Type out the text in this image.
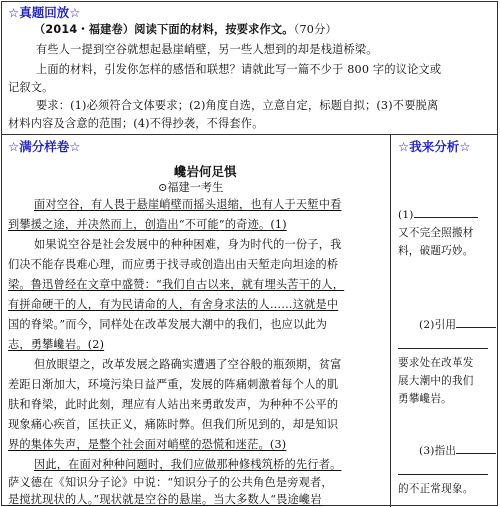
☆真题回放☆
（2014・福建卷）阅读下面的材料，按要求作文。（70分）
有些人一提到空谷就想起悬崖峭壁，另一些人想到的却是栈道桥梁。
上面的材料，引发你怎样的感悟和联想？请就此写一篇不少于 800 字的议论文或
记叙文。
要求：(1)必须符合文体要求；(2)角度自选，立意自定，标题自拟；(3)不要脱离
材料内容及含意的范围；(4)不得抄袭，不得套作。
☆满分样卷☆
巉岩何足惧
⊙福建一考生
面对空谷，有人畏于悬崖峭壁而摇头退缩，也有人于天堑中看
到攀援之途，并决然而上，创造出“不可能”的奇迹。(1)
如果说空谷是社会发展中的种种困难，身为时代的一份子，我
们决不能存畏难心理，而应勇于找寻或创造出由天堑走向坦途的桥
梁。鲁迅曾经在文章中盛赞：“我们自古以来，就有埋头苦干的人，
有拼命硬干的人，有为民请命的人，有舍身求法的人……这就是中
国的脊梁。”而今，同样处在改革发展大潮中的我们，也应以此为
志，勇攀巉岩。(2)
但放眼望之，改革发展之路确实遭遇了空谷般的瓶颈期，贫富
差距日渐加大，环境污染日益严重，发展的阵痛刺激着每个人的肌
肤和脊梁，此时此刻，理应有人站出来勇敢发声，为种种不公平的
现象痛心疾首，匡扶正义，痛陈时弊。但我们所见到的，却是知识
界的集体失声，是整个社会面对峭壁的恐慌和迷茫。(3)
因此，在面对种种问题时，我们应做那种修桟筑桥的先行者。
萨义德在《知识分子论》中说：“知识分子的公共角色是旁观者，
是搅扰现状的人。”现状就是空谷的悬崖。当大多数人“畏途巉岩
☆我来分析☆
(1)
又不完全照搬材
料，破题巧妙。
(2)引用
要求处在改革发
展大潮中的我们
勇攀巉岩。
(3)指出
的不正常现象。
